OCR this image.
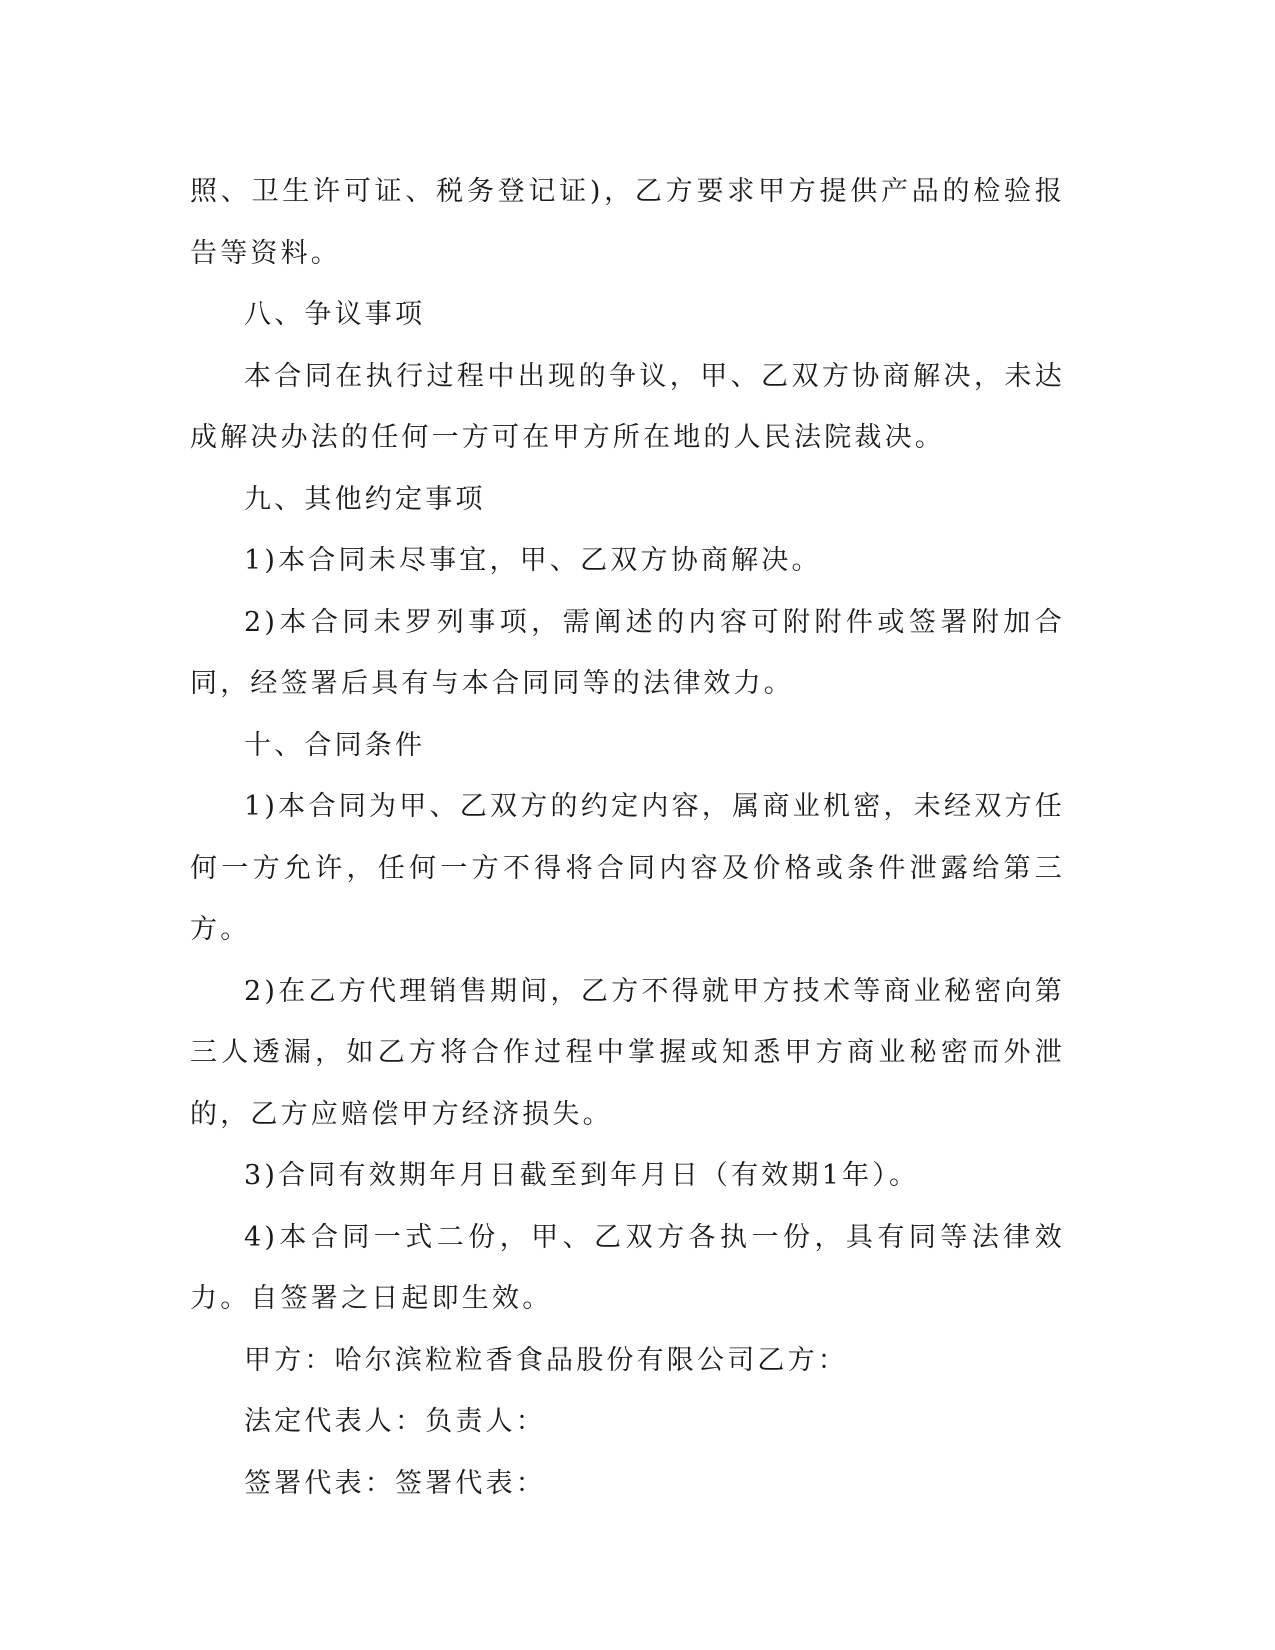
照、卫生许可证、税务登记证)，乙方要求甲方提供产品的检验报告等资料。

八、争议事项

本合同在执行过程中出现的争议，甲、乙双方协商解决，未达成解决办法的任何一方可在甲方所在地的人民法院裁决。

九、其他约定事项

1)本合同未尽事宜，甲、乙双方协商解决。

2)本合同未罗列事项，需阐述的内容可附附件或签署附加合同，经签署后具有与本合同同等的法律效力。

十、合同条件

1)本合同为甲、乙双方的约定内容，属商业机密，未经双方任何一方允许，任何一方不得将合同内容及价格或条件泄露给第三方。

2)在乙方代理销售期间，乙方不得就甲方技术等商业秘密向第三人透漏，如乙方将合作过程中掌握或知悉甲方商业秘密而外泄的，乙方应赔偿甲方经济损失。

3)合同有效期年月日截至到年月日（有效期1年）。

4)本合同一式二份，甲、乙双方各执一份，具有同等法律效力。自签署之日起即生效。

甲方：哈尔滨粒粒香食品股份有限公司乙方：

法定代表人：负责人：

签署代表：签署代表：
